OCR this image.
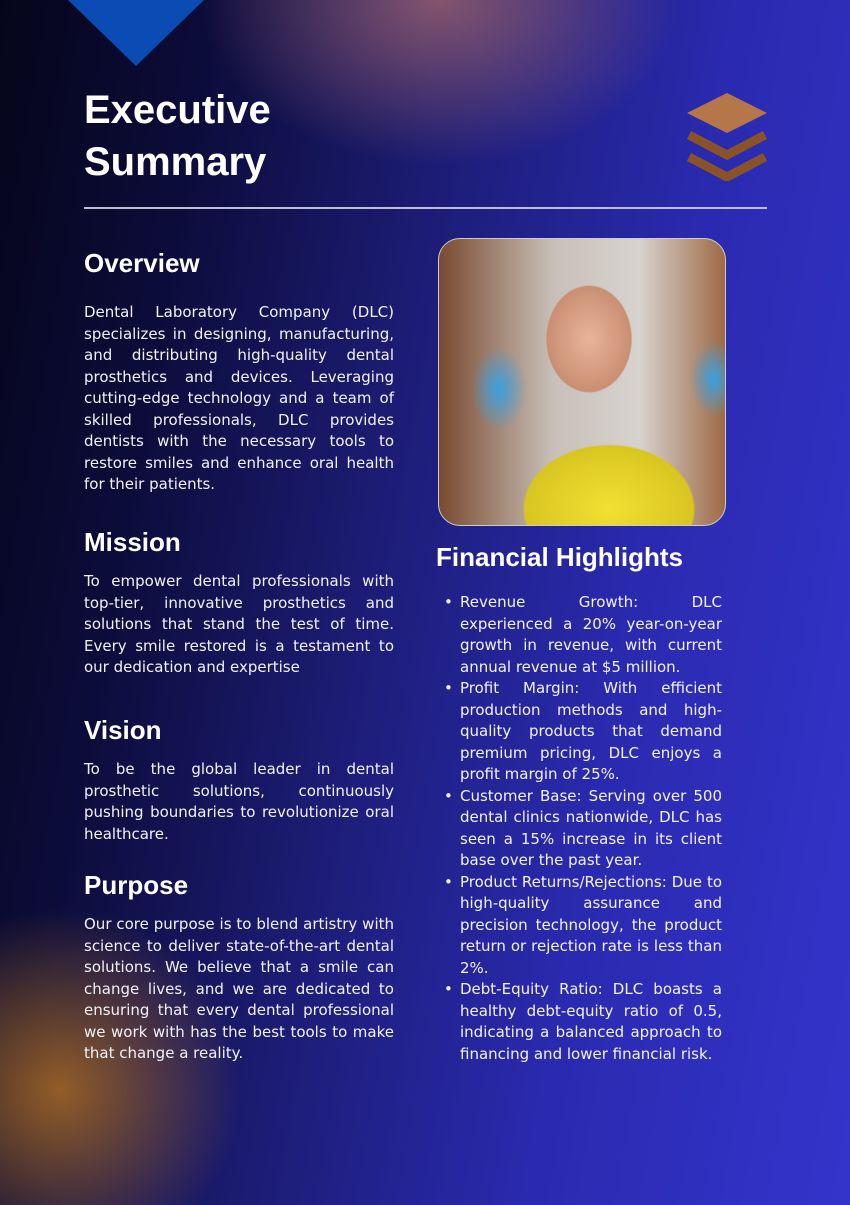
Executive Summary
Overview

Dental Laboratory Company (DLC) specializes in designing, manufacturing, and distributing high-quality dental prosthetics and devices. Leveraging cutting-edge technology and a team of skilled professionals, DLC provides dentists with the necessary tools to restore smiles and enhance oral health for their patients.

Mission

To empower dental professionals with top-tier, innovative prosthetics and solutions that stand the test of time. Every smile restored is a testament to our dedication and expertise

Vision

To be the global leader in dental prosthetic solutions, continuously pushing boundaries to revolutionize oral healthcare.

Purpose

Our core purpose is to blend artistry with science to deliver state-of-the-art dental solutions. We believe that a smile can change lives, and we are dedicated to ensuring that every dental professional we work with has the best tools to make that change a reality.

Financial Highlights
• Revenue Growth: DLC experienced a 20% year-on-year growth in revenue, with current annual revenue at $5 million.
• Profit Margin: With efficient production methods and high-quality products that demand premium pricing, DLC enjoys a profit margin of 25%.
• Customer Base: Serving over 500 dental clinics nationwide, DLC has seen a 15% increase in its client base over the past year.
• Product Returns/Rejections: Due to high-quality assurance and precision technology, the product return or rejection rate is less than 2%.
• Debt-Equity Ratio: DLC boasts a healthy debt-equity ratio of 0.5, indicating a balanced approach to financing and lower financial risk.
